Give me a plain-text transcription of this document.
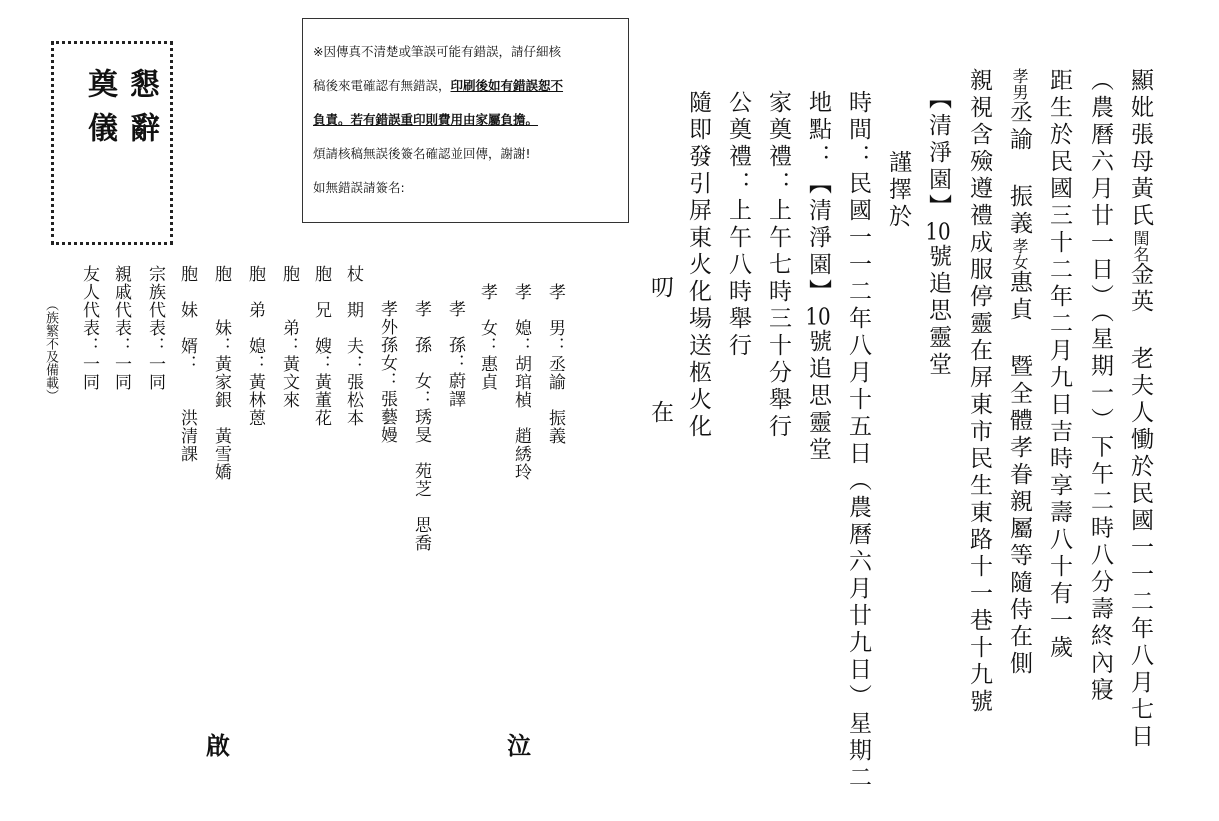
懇辭
奠儀

※因傳真不清楚或筆誤可能有錯誤，請仔細核

稿後來電確認有無錯誤，印刷後如有錯誤恕不

負責。若有錯誤重印則費用由家屬負擔。

煩請核稿無誤後簽名確認並回傳，謝謝!

如無錯誤請簽名:	顯妣張母黃氏閨名金英 老夫人慟於民國一一二年八月七日
（農曆六月廿一日）（星期一）下午二時八分壽終內寢
距生於民國三十二年二月九日吉時享壽八十有一歲
孝男丞諭 振義孝女惠貞 暨全體孝眷親屬等隨侍在側
親視含殮遵禮成服停靈在屏東市民生東路十一巷十九號
【清淨園】10號追思靈堂
謹擇於
時間：民國一一二年八月十五日（農曆六月廿九日）星期二
地點：【清淨園】10號追思靈堂
家奠禮：上午七時三十分舉行
公奠禮：上午八時舉行
隨即發引屏東火化場送柩火化
叨
在
孝　男：丞諭　振義
孝　媳：胡琯楨　趙綉玲
孝　女：惠貞
孝　孫：蔚譯
孝　孫　女：琇旻　苑芝　思喬
孝外孫女：張藝嫚
杖　期　夫：張松本
胞　兄　嫂：黃董花
胞　　弟：黃文來
胞　弟　媳：黃林蒽
胞　　妹：黃家銀　黃雪嬌
胞　妹　婿：　　洪清課
宗族代表：一同
親戚代表：一同
友人代表：一同
（族繁不及備載）
泣
啟
